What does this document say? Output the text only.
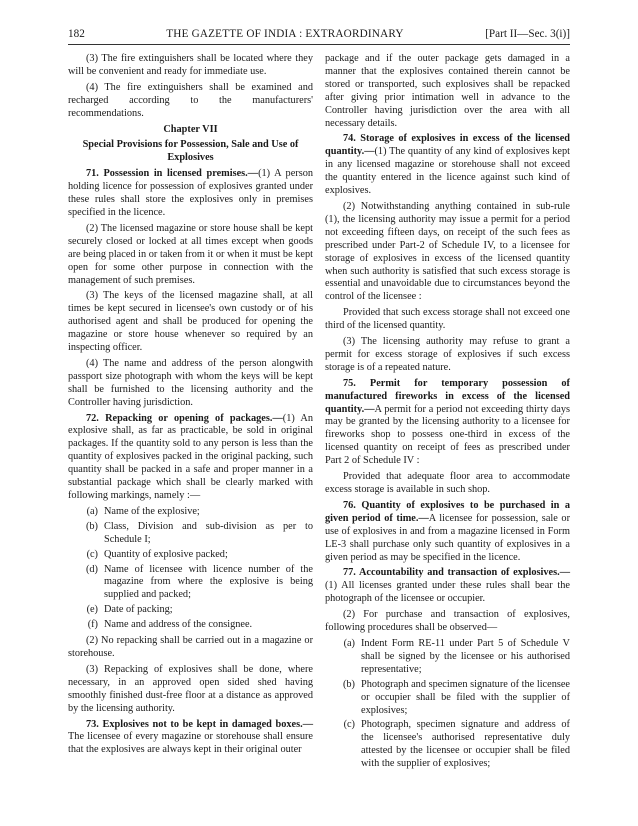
182	THE GAZETTE OF INDIA : EXTRAORDINARY	[Part II—Sec. 3(i)]

(3) The fire extinguishers shall be located where they will be convenient and ready for immediate use.

(4) The fire extinguishers shall be examined and recharged according to the manufacturers' recommendations.

Chapter VII

Special Provisions for Possession, Sale and Use of Explosives

71. Possession in licensed premises.—(1) A person holding licence for possession of explosives granted under these rules shall store the explosives only in premises specified in the licence.

(2) The licensed magazine or store house shall be kept securely closed or locked at all times except when goods are being placed in or taken from it or when it must be kept open for some other purpose in connection with the management of such premises.

(3) The keys of the licensed magazine shall, at all times be kept secured in licensee's own custody or of his authorised agent and shall be produced for opening the magazine or store house whenever so required by an inspecting officer.

(4) The name and address of the person alongwith passport size photograph with whom the keys will be kept shall be furnished to the licensing authority and the Controller having jurisdiction.

72. Repacking or opening of packages.—(1) An explosive shall, as far as practicable, be sold in original packages. If the quantity sold to any person is less than the quantity of explosives packed in the original packing, such quantity shall be packed in a safe and proper manner in a substantial package which shall be clearly marked with following markings, namely :—

(a) Name of the explosive;
(b) Class, Division and sub-division as per to Schedule I;
(c) Quantity of explosive packed;
(d) Name of licensee with licence number of the magazine from where the explosive is being supplied and packed;
(e) Date of packing;
(f) Name and address of the consignee.

(2) No repacking shall be carried out in a magazine or storehouse.

(3) Repacking of explosives shall be done, where necessary, in an approved open sided shed having smoothly finished dust-free floor at a distance as approved by the licensing authority.

73. Explosives not to be kept in damaged boxes.— The licensee of every magazine or storehouse shall ensure that the explosives are always kept in their original outer

package and if the outer package gets damaged in a manner that the explosives contained therein cannot be stored or transported, such explosives shall be repacked after giving prior intimation well in advance to the Controller having jurisdiction over the area with all necessary details.

74. Storage of explosives in excess of the licensed quantity.—(1) The quantity of any kind of explosives kept in any licensed magazine or storehouse shall not exceed the quantity entered in the licence against such kind of explosives.

(2) Notwithstanding anything contained in sub-rule (1), the licensing authority may issue a permit for a period not exceeding fifteen days, on receipt of the such fees as prescribed under Part-2 of Schedule IV, to a licensee for storage of explosives in excess of the licensed quantity when such authority is satisfied that such excess storage is essential and unavoidable due to circumstances beyond the control of the licensee :

Provided that such excess storage shall not exceed one third of the licensed quantity.

(3) The licensing authority may refuse to grant a permit for excess storage of explosives if such excess storage is of a repeated nature.

75. Permit for temporary possession of manufactured fireworks in excess of the licensed quantity.—A permit for a period not exceeding thirty days may be granted by the licensing authority to a licensee for fireworks shop to possess one-third in excess of the licensed quantity on receipt of fees as prescribed under Part 2 of Schedule IV :

Provided that adequate floor area to accommodate excess storage is available in such shop.

76. Quantity of explosives to be purchased in a given period of time.—A licensee for possession, sale or use of explosives in and from a magazine licensed in Form LE-3 shall purchase only such quantity of explosives in a given period as may be specified in the licence.

77. Accountability and transaction of explosives.—(1) All licenses granted under these rules shall bear the photograph of the licensee or occupier.

(2) For purchase and transaction of explosives, following procedures shall be observed—

(a) Indent Form RE-11 under Part 5 of Schedule V shall be signed by the licensee or his authorised representative;
(b) Photograph and specimen signature of the licensee or occupier shall be filed with the supplier of explosives;
(c) Photograph, specimen signature and address of the licensee's authorised representative duly attested by the licensee or occupier shall be filed with the supplier of explosives;
